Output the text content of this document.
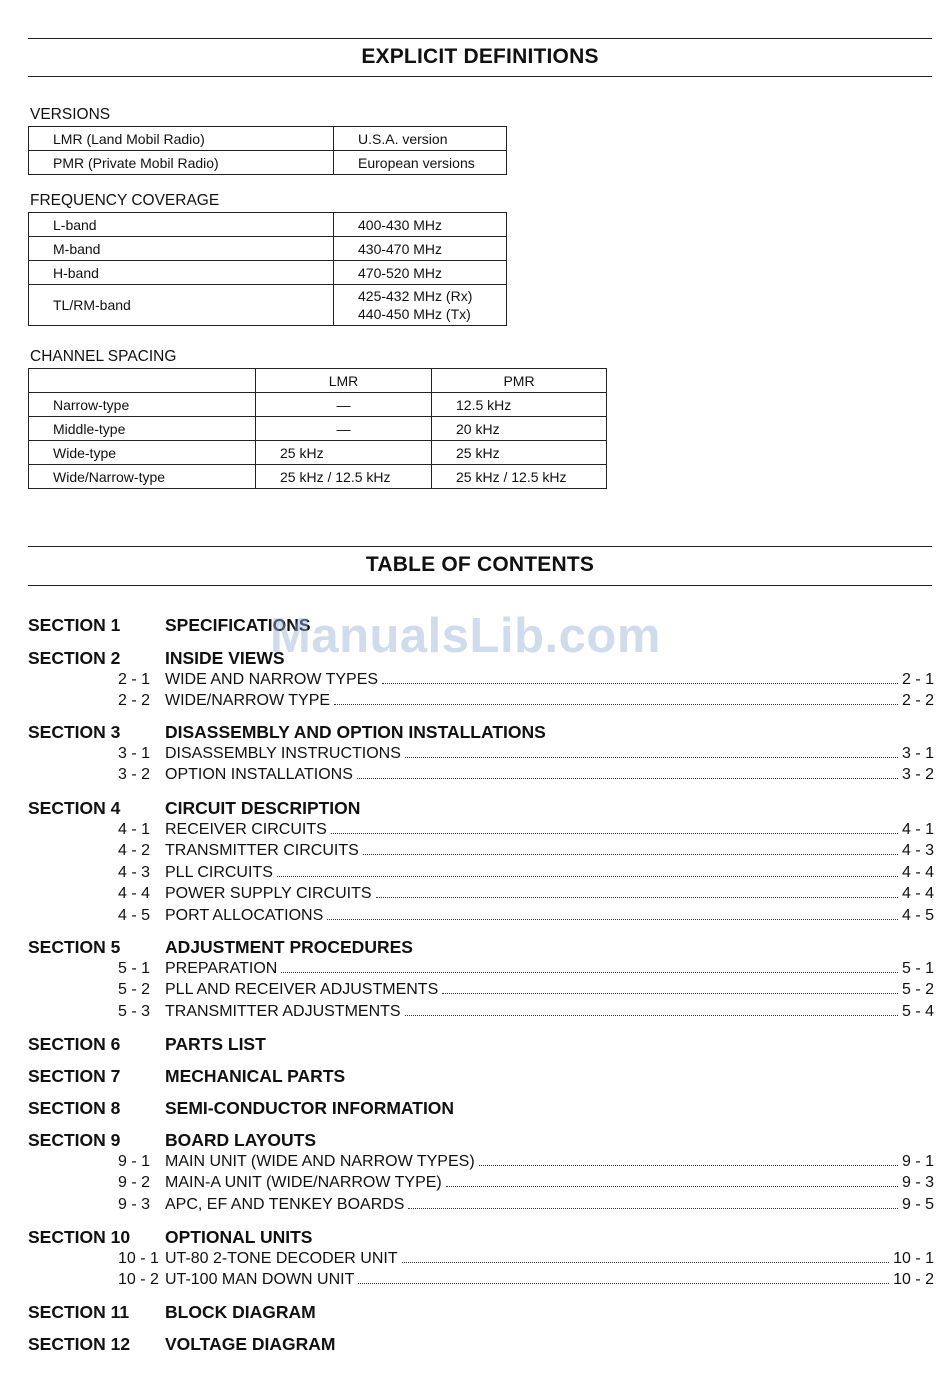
EXPLICIT DEFINITIONS
VERSIONS
LMR (Land Mobil Radio)	U.S.A. version
PMR (Private Mobil Radio)	European versions
FREQUENCY COVERAGE
L-band	400-430 MHz
M-band	430-470 MHz
H-band	470-520 MHz
TL/RM-band	425-432 MHz (Rx)
440-450 MHz (Tx)
CHANNEL SPACING
	LMR	PMR
Narrow-type	—	12.5 kHz
Middle-type	—	20 kHz
Wide-type	25 kHz	25 kHz
Wide/Narrow-type	25 kHz / 12.5 kHz	25 kHz / 12.5 kHz
TABLE OF CONTENTS
SECTION 1	SPECIFICATIONS
SECTION 2	INSIDE VIEWS
2 - 1 WIDE AND NARROW TYPES	2 - 1
2 - 2 WIDE/NARROW TYPE	2 - 2
SECTION 3	DISASSEMBLY AND OPTION INSTALLATIONS
3 - 1 DISASSEMBLY INSTRUCTIONS	3 - 1
3 - 2 OPTION INSTALLATIONS	3 - 2
SECTION 4	CIRCUIT DESCRIPTION
4 - 1 RECEIVER CIRCUITS	4 - 1
4 - 2 TRANSMITTER CIRCUITS	4 - 3
4 - 3 PLL CIRCUITS	4 - 4
4 - 4 POWER SUPPLY CIRCUITS	4 - 4
4 - 5 PORT ALLOCATIONS	4 - 5
SECTION 5	ADJUSTMENT PROCEDURES
5 - 1 PREPARATION	5 - 1
5 - 2 PLL AND RECEIVER ADJUSTMENTS	5 - 2
5 - 3 TRANSMITTER ADJUSTMENTS	5 - 4
SECTION 6	PARTS LIST
SECTION 7	MECHANICAL PARTS
SECTION 8	SEMI-CONDUCTOR INFORMATION
SECTION 9	BOARD LAYOUTS
9 - 1 MAIN UNIT (WIDE AND NARROW TYPES)	9 - 1
9 - 2 MAIN-A UNIT (WIDE/NARROW TYPE)	9 - 3
9 - 3 APC, EF AND TENKEY BOARDS	9 - 5
SECTION 10 OPTIONAL UNITS
10 - 1 UT-80 2-TONE DECODER UNIT	10 - 1
10 - 2 UT-100 MAN DOWN UNIT	10 - 2
SECTION 11 BLOCK DIAGRAM
SECTION 12 VOLTAGE DIAGRAM
ManualsLib.com
